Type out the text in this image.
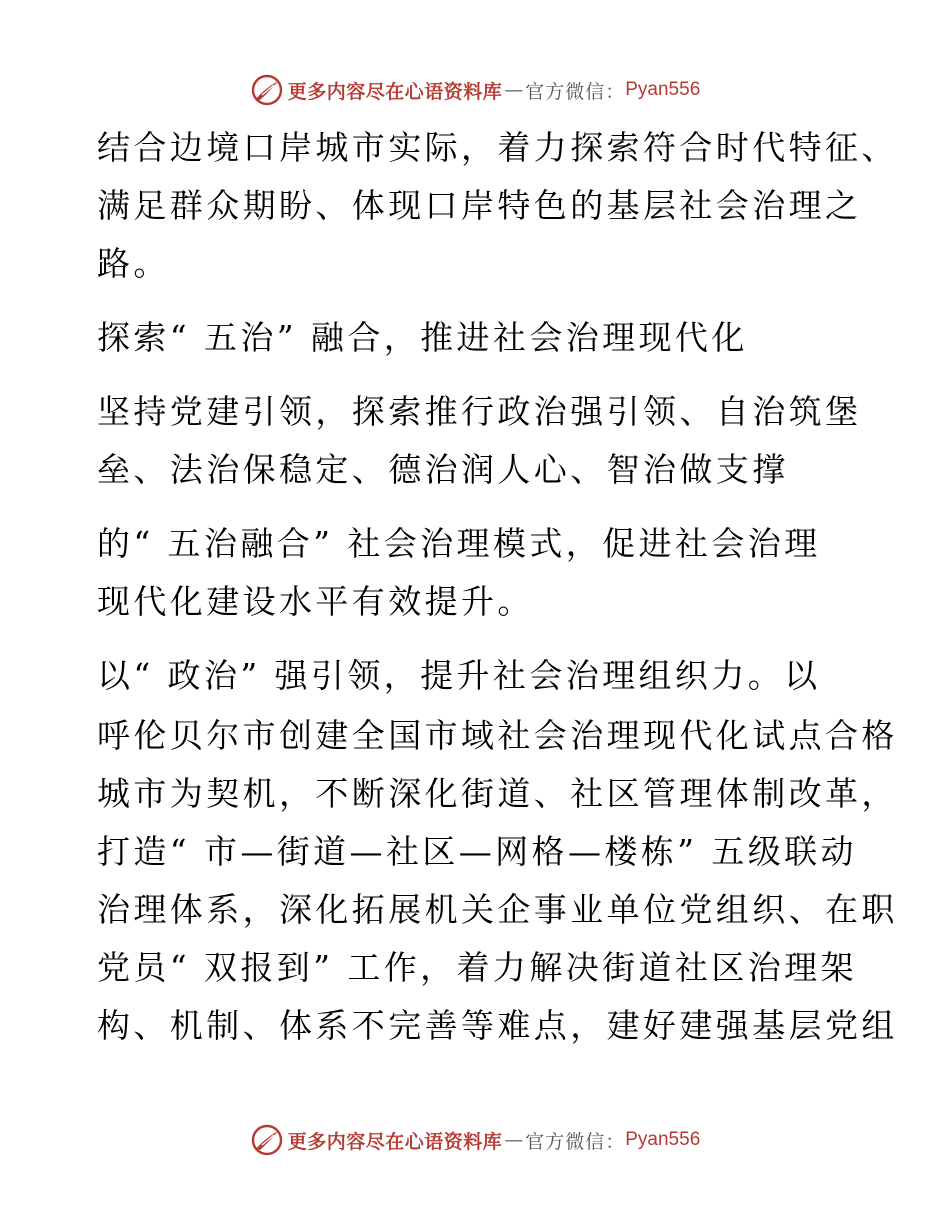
更多内容尽在心语资料库 — 官方微信： Pyan556
结合边境口岸城市实际，着力探索符合时代特征、
满足群众期盼、体现口岸特色的基层社会治理之
路。
探索“ 五治” 融合，推进社会治理现代化
坚持党建引领，探索推行政治强引领、自治筑堡
垒、法治保稳定、德治润人心、智治做支撑
的“ 五治融合” 社会治理模式，促进社会治理
现代化建设水平有效提升。
以“ 政治” 强引领，提升社会治理组织力。以
呼伦贝尔市创建全国市域社会治理现代化试点合格
城市为契机，不断深化街道、社区管理体制改革，
打造“ 市—街道—社区—网格—楼栋” 五级联动
治理体系，深化拓展机关企事业单位党组织、在职
党员“ 双报到” 工作，着力解决街道社区治理架
构、机制、体系不完善等难点，建好建强基层党组
更多内容尽在心语资料库 — 官方微信： Pyan556
